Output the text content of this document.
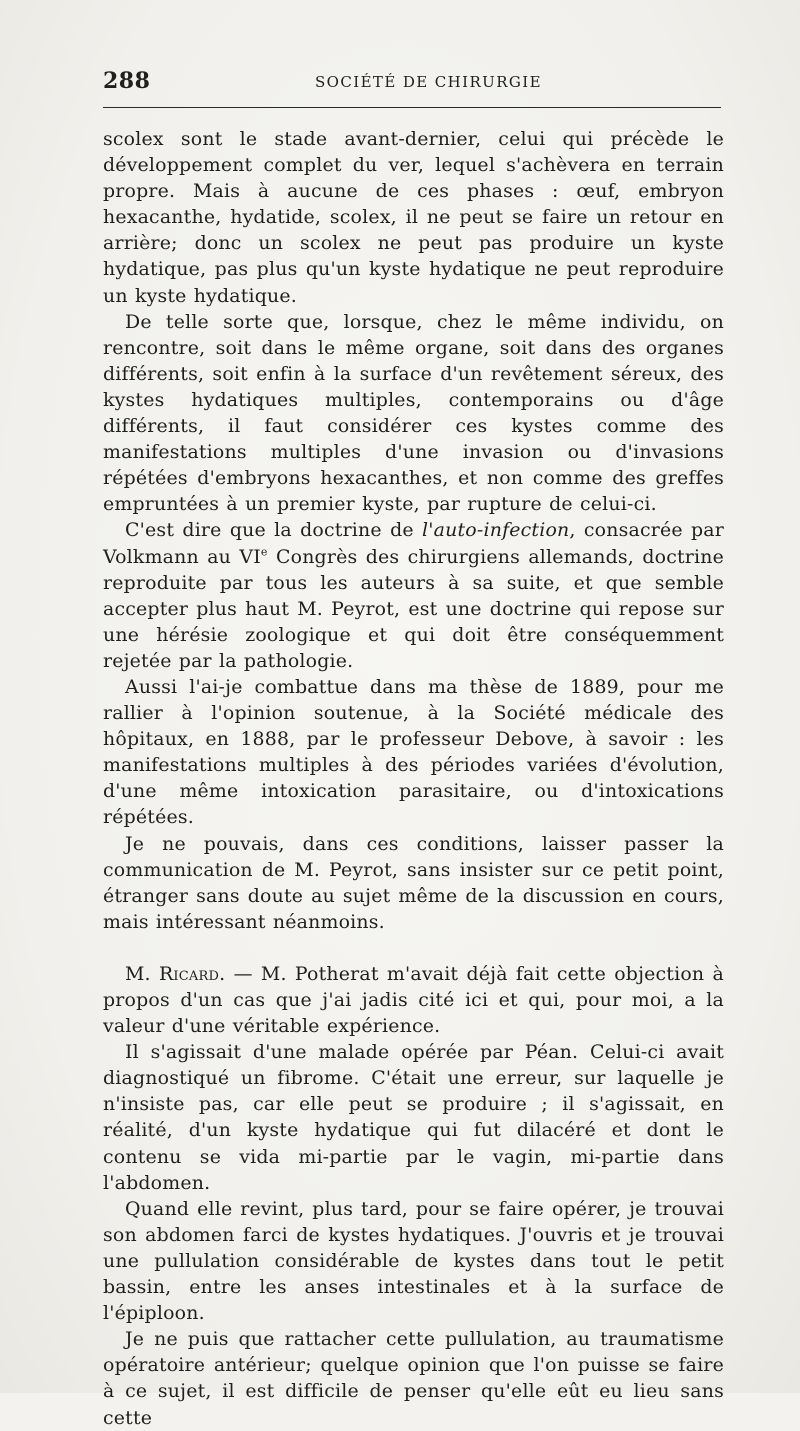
288	SOCIÉTÉ DE CHIRURGIE

scolex sont le stade avant-dernier, celui qui précède le développement complet du ver, lequel s'achèvera en terrain propre. Mais à aucune de ces phases : œuf, embryon hexacanthe, hydatide, scolex, il ne peut se faire un retour en arrière; donc un scolex ne peut pas produire un kyste hydatique, pas plus qu'un kyste hydatique ne peut reproduire un kyste hydatique.

De telle sorte que, lorsque, chez le même individu, on rencontre, soit dans le même organe, soit dans des organes différents, soit enfin à la surface d'un revêtement séreux, des kystes hydatiques multiples, contemporains ou d'âge différents, il faut considérer ces kystes comme des manifestations multiples d'une invasion ou d'invasions répétées d'embryons hexacanthes, et non comme des greffes empruntées à un premier kyste, par rupture de celui-ci.

C'est dire que la doctrine de l'auto-infection, consacrée par Volkmann au VIe Congrès des chirurgiens allemands, doctrine reproduite par tous les auteurs à sa suite, et que semble accepter plus haut M. Peyrot, est une doctrine qui repose sur une hérésie zoologique et qui doit être conséquemment rejetée par la pathologie.

Aussi l'ai-je combattue dans ma thèse de 1889, pour me rallier à l'opinion soutenue, à la Société médicale des hôpitaux, en 1888, par le professeur Debove, à savoir : les manifestations multiples à des périodes variées d'évolution, d'une même intoxication parasitaire, ou d'intoxications répétées.

Je ne pouvais, dans ces conditions, laisser passer la communication de M. Peyrot, sans insister sur ce petit point, étranger sans doute au sujet même de la discussion en cours, mais intéressant néanmoins.

M. Ricard. — M. Potherat m'avait déjà fait cette objection à propos d'un cas que j'ai jadis cité ici et qui, pour moi, a la valeur d'une véritable expérience.

Il s'agissait d'une malade opérée par Péan. Celui-ci avait diagnostiqué un fibrome. C'était une erreur, sur laquelle je n'insiste pas, car elle peut se produire ; il s'agissait, en réalité, d'un kyste hydatique qui fut dilacéré et dont le contenu se vida mi-partie par le vagin, mi-partie dans l'abdomen.

Quand elle revint, plus tard, pour se faire opérer, je trouvai son abdomen farci de kystes hydatiques. J'ouvris et je trouvai une pullulation considérable de kystes dans tout le petit bassin, entre les anses intestinales et à la surface de l'épiploon.

Je ne puis que rattacher cette pullulation, au traumatisme opératoire antérieur; quelque opinion que l'on puisse se faire à ce sujet, il est difficile de penser qu'elle eût eu lieu sans cette
